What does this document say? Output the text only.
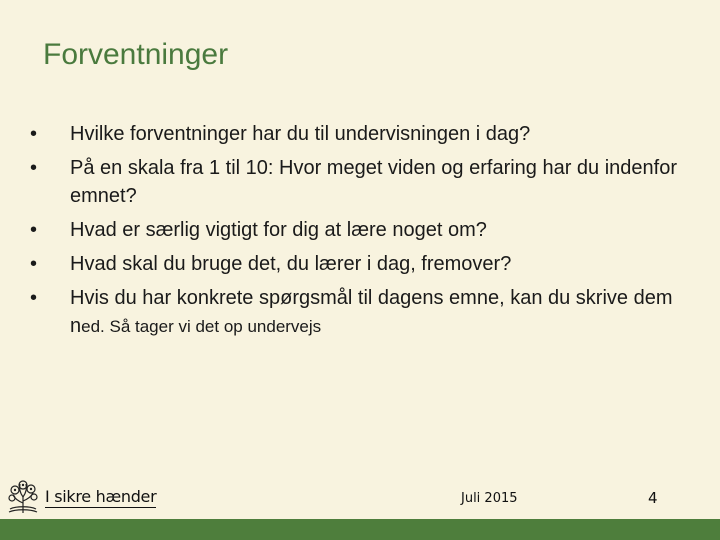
Forventninger
• Hvilke forventninger har du til undervisningen i dag?
• På en skala fra 1 til 10: Hvor meget viden og erfaring har du indenfor emnet?
• Hvad er særlig vigtigt for dig at lære noget om?
• Hvad skal du bruge det, du lærer i dag, fremover?
• Hvis du har konkrete spørgsmål til dagens emne, kan du skrive dem ned. Så tager vi det op undervejs
I sikre hænder	Juli 2015	4
